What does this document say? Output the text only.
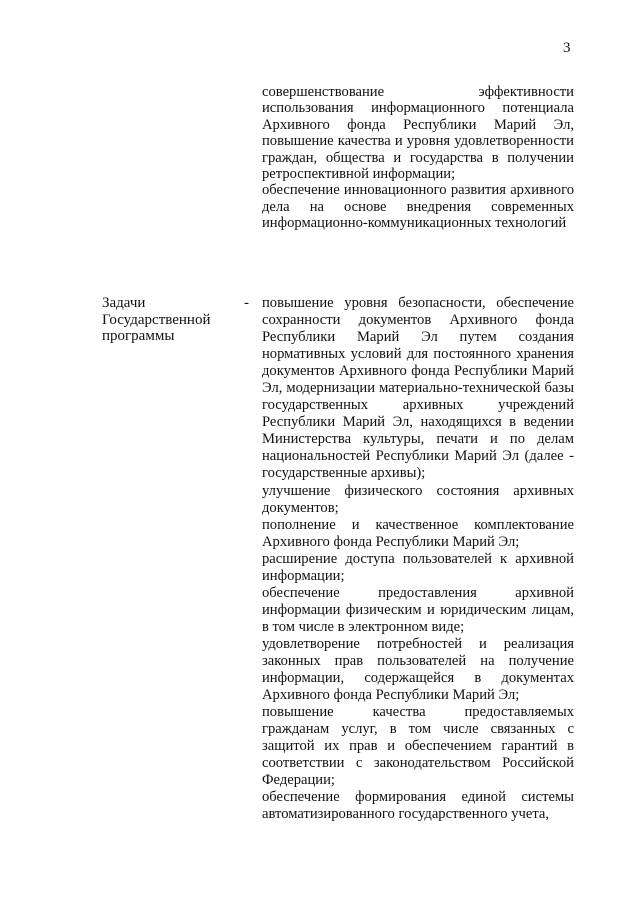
3

совершенствование эффективности использования информационного потенциала Архивного фонда Республики Марий Эл, повышение качества и уровня удовлетворенности граждан, общества и государства в получении ретроспективной информации;

обеспечение инновационного развития архивного дела на основе внедрения современных информационно-коммуникационных технологий

Задачи
Государственной
программы
- повышение уровня безопасности, обеспечение сохранности документов Архивного фонда Республики Марий Эл путем создания нормативных условий для постоянного хранения документов Архивного фонда Республики Марий Эл, модернизации материально-технической базы государственных архивных учреждений Республики Марий Эл, находящихся в ведении Министерства культуры, печати и по делам национальностей Республики Марий Эл (далее - государственные архивы);

улучшение физического состояния архивных документов;

пополнение и качественное комплектование Архивного фонда Республики Марий Эл;

расширение доступа пользователей к архивной информации;

обеспечение предоставления архивной информации физическим и юридическим лицам, в том числе в электронном виде;

удовлетворение потребностей и реализация законных прав пользователей на получение информации, содержащейся в документах Архивного фонда Республики Марий Эл;

повышение качества предоставляемых гражданам услуг, в том числе связанных с защитой их прав и обеспечением гарантий в соответствии с законодательством Российской Федерации;

обеспечение формирования единой системы автоматизированного государственного учета,
